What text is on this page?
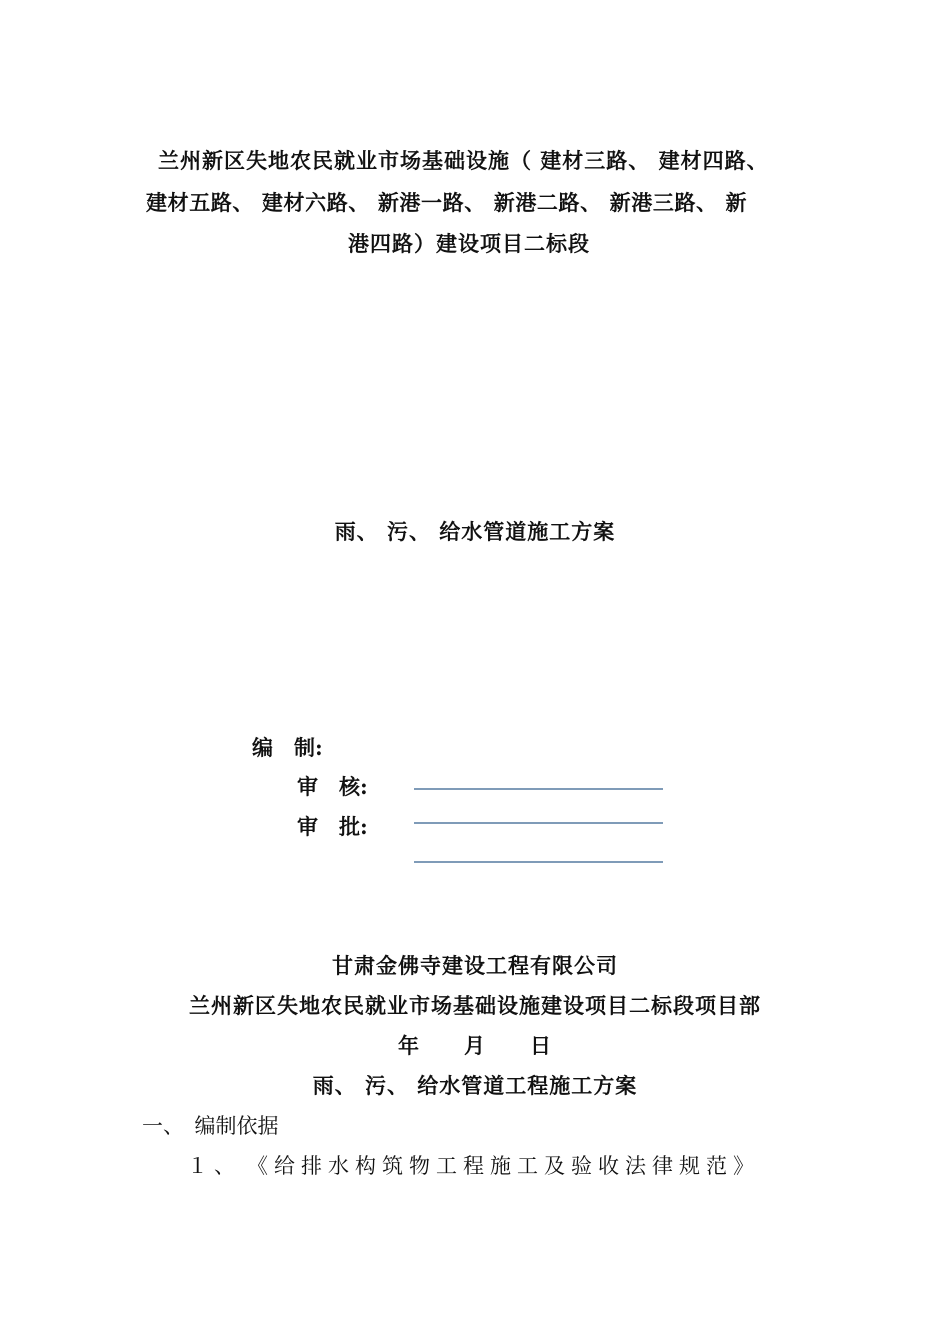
兰州新区失地农民就业市场基础设施（ 建材三路、 建材四路、
建材五路、 建材六路、 新港一路、 新港二路、 新港三路、 新
港四路）建设项目二标段
雨、 污、 给水管道施工方案
编　制:
审　核:
审　批:
甘肃金佛寺建设工程有限公司
兰州新区失地农民就业市场基础设施建设项目二标段项目部
年　　月　　日
雨、 污、 给水管道工程施工方案
一、　编制依据
１、　《给排水构筑物工程施工及验收法律规范》
